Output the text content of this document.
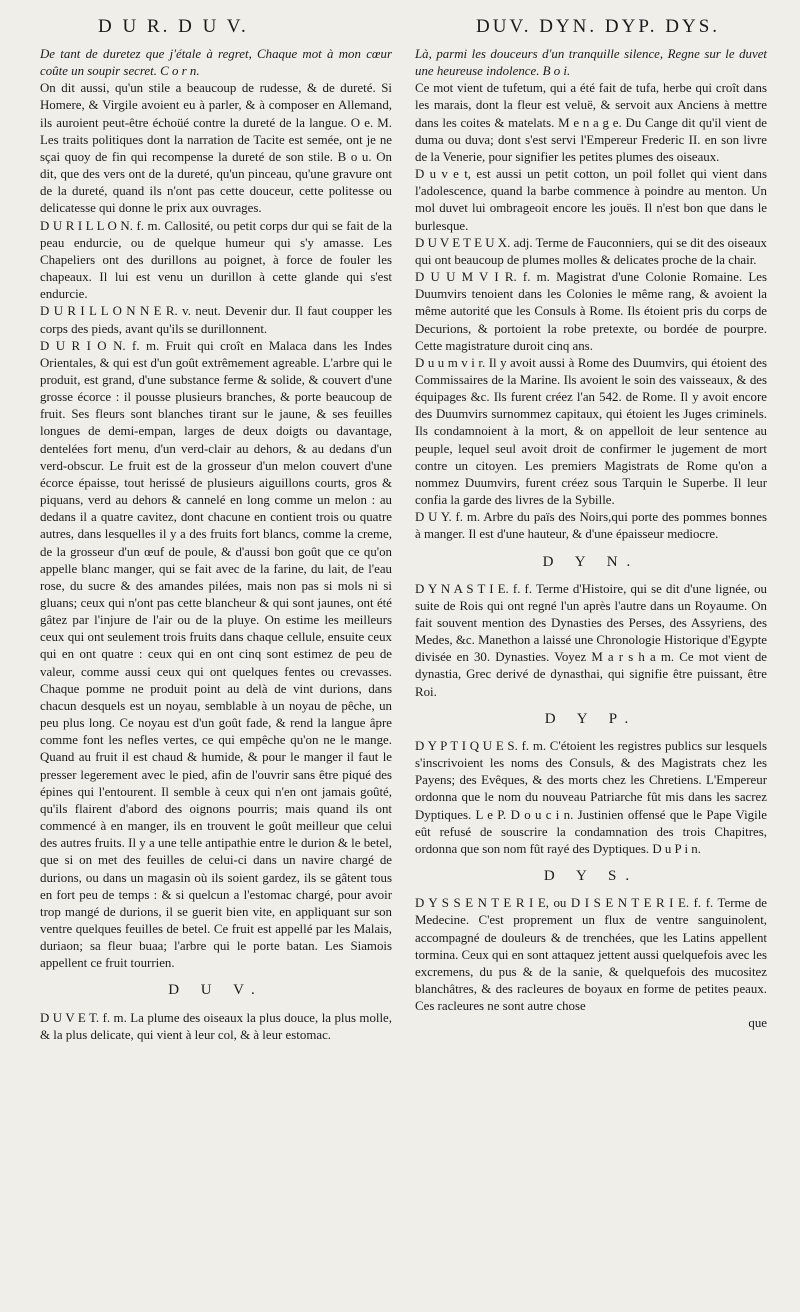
D U R. D U V.	DUV. DYN. DYP. DYS.

De tant de duretez que j'étale à regret, Chaque mot à mon cœur coûte un soupir secret. C o r n.

On dit aussi, qu'un stile a beaucoup de rudesse, & de dureté. Si Homere, & Virgile avoient eu à parler, & à composer en Allemand, ils auroient peut-être échoüé contre la dureté de la langue. O e. M. Les traits politiques dont la narration de Tacite est semée, ont je ne sçai quoy de fin qui recompense la dureté de son stile. B o u. On dit, que des vers ont de la dureté, qu'un pinceau, qu'une gravure ont de la dureté, quand ils n'ont pas cette douceur, cette politesse ou delicatesse qui donne le prix aux ouvrages.

D U R I L L O N. f. m. Callosité, ou petit corps dur qui se fait de la peau endurcie, ou de quelque humeur qui s'y amasse. Les Chapeliers ont des durillons au poignet, à force de fouler les chapeaux. Il lui est venu un durillon à cette glande qui s'est endurcie.

D U R I L L O N N E R. v. neut. Devenir dur. Il faut coupper les corps des pieds, avant qu'ils se durillonnent.

D U R I O N. f. m. Fruit qui croît en Malaca dans les Indes Orientales, & qui est d'un goût extrêmement agreable. L'arbre qui le produit, est grand, d'une substance ferme & solide, & couvert d'une grosse écorce : il pousse plusieurs branches, & porte beaucoup de fruit. Ses fleurs sont blanches tirant sur le jaune, & ses feuilles longues de demi-empan, larges de deux doigts ou davantage, dentelées fort menu, d'un verd-clair au dehors, & au dedans d'un verd-obscur. Le fruit est de la grosseur d'un melon couvert d'une écorce épaisse, tout herissé de plusieurs aiguillons courts, gros & piquans, verd au dehors & cannelé en long comme un melon : au dedans il a quatre cavitez, dont chacune en contient trois ou quatre autres, dans lesquelles il y a des fruits fort blancs, comme la creme, de la grosseur d'un œuf de poule, & d'aussi bon goût que ce qu'on appelle blanc manger, qui se fait avec de la farine, du lait, de l'eau rose, du sucre & des amandes pilées, mais non pas si mols ni si gluans; ceux qui n'ont pas cette blancheur & qui sont jaunes, ont été gâtez par l'injure de l'air ou de la pluye. On estime les meilleurs ceux qui ont seulement trois fruits dans chaque cellule, ensuite ceux qui en ont quatre : ceux qui en ont cinq sont estimez de peu de valeur, comme aussi ceux qui ont quelques fentes ou crevasses. Chaque pomme ne produit point au delà de vint durions, dans chacun desquels est un noyau, semblable à un noyau de pêche, un peu plus long. Ce noyau est d'un goût fade, & rend la langue âpre comme font les nefles vertes, ce qui empêche qu'on ne le mange. Quand au fruit il est chaud & humide, & pour le manger il faut le presser legerement avec le pied, afin de l'ouvrir sans être piqué des épines qui l'entourent. Il semble à ceux qui n'en ont jamais goûté, qu'ils flairent d'abord des oignons pourris; mais quand ils ont commencé à en manger, ils en trouvent le goût meilleur que celui des autres fruits. Il y a une telle antipathie entre le durion & le betel, que si on met des feuilles de celui-ci dans un navire chargé de durions, ou dans un magasin où ils soient gardez, ils se gâtent tous en fort peu de temps : & si quelcun a l'estomac chargé, pour avoir trop mangé de durions, il se guerit bien vite, en appliquant sur son ventre quelques feuilles de betel. Ce fruit est appellé par les Malais, duriaon; sa fleur buaa; l'arbre qui le porte batan. Les Siamois appellent ce fruit tourrien.

D U V.

D U V E T. f. m. La plume des oiseaux la plus douce, la plus molle, & la plus delicate, qui vient à leur col, & à leur estomac.

Là, parmi les douceurs d'un tranquille silence, Regne sur le duvet une heureuse indolence. B o i.

Ce mot vient de tufetum, qui a été fait de tufa, herbe qui croît dans les marais, dont la fleur est veluë, & servoit aux Anciens à mettre dans les coites & matelats. M e n a g e. Du Cange dit qu'il vient de duma ou duva; dont s'est servi l'Empereur Frederic II. en son livre de la Venerie, pour signifier les petites plumes des oiseaux.

D u v e t, est aussi un petit cotton, un poil follet qui vient dans l'adolescence, quand la barbe commence à poindre au menton. Un mol duvet lui ombrageoit encore les jouës. Il n'est bon que dans le burlesque.

D U V E T E U X. adj. Terme de Fauconniers, qui se dit des oiseaux qui ont beaucoup de plumes molles & delicates proche de la chair.

D U U M V I R. f. m. Magistrat d'une Colonie Romaine. Les Duumvirs tenoient dans les Colonies le même rang, & avoient la même autorité que les Consuls à Rome. Ils étoient pris du corps de Decurions, & portoient la robe pretexte, ou bordée de pourpre. Cette magistrature duroit cinq ans.

D u u m v i r. Il y avoit aussi à Rome des Duumvirs, qui étoient des Commissaires de la Marine. Ils avoient le soin des vaisseaux, & des équipages &c. Ils furent créez l'an 542. de Rome. Il y avoit encore des Duumvirs surnommez capitaux, qui étoient les Juges criminels. Ils condamnoient à la mort, & on appelloit de leur sentence au peuple, lequel seul avoit droit de confirmer le jugement de mort contre un citoyen. Les premiers Magistrats de Rome qu'on a nommez Duumvirs, furent créez sous Tarquin le Superbe. Il leur confia la garde des livres de la Sybille.

D U Y. f. m. Arbre du païs des Noirs,qui porte des pommes bonnes à manger. Il est d'une hauteur, & d'une épaisseur mediocre.

D Y N.

D Y N A S T I E. f. f. Terme d'Histoire, qui se dit d'une lignée, ou suite de Rois qui ont regné l'un après l'autre dans un Royaume. On fait souvent mention des Dynasties des Perses, des Assyriens, des Medes, &c. Manethon a laissé une Chronologie Historique d'Egypte divisée en 30. Dynasties. Voyez M a r s h a m. Ce mot vient de dynastia, Grec derivé de dynasthai, qui signifie être puissant, être Roi.

D Y P.

D Y P T I Q U E S. f. m. C'étoient les registres publics sur lesquels s'inscrivoient les noms des Consuls, & des Magistrats chez les Payens; des Evêques, & des morts chez les Chretiens. L'Empereur ordonna que le nom du nouveau Patriarche fût mis dans les sacrez Dyptiques. L e P. D o u c i n. Justinien offensé que le Pape Vigile eût refusé de souscrire la condamnation des trois Chapitres, ordonna que son nom fût rayé des Dyptiques. D u P i n.

D Y S.

D Y S S E N T E R I E, ou D I S E N T E R I E. f. f. Terme de Medecine. C'est proprement un flux de ventre sanguinolent, accompagné de douleurs & de trenchées, que les Latins appellent tormina. Ceux qui en sont attaquez jettent aussi quelquefois avec les excremens, du pus & de la sanie, & quelquefois des mucositez blanchâtres, & des racleures de boyaux en forme de petites peaux. Ces racleures ne sont autre chose

que
